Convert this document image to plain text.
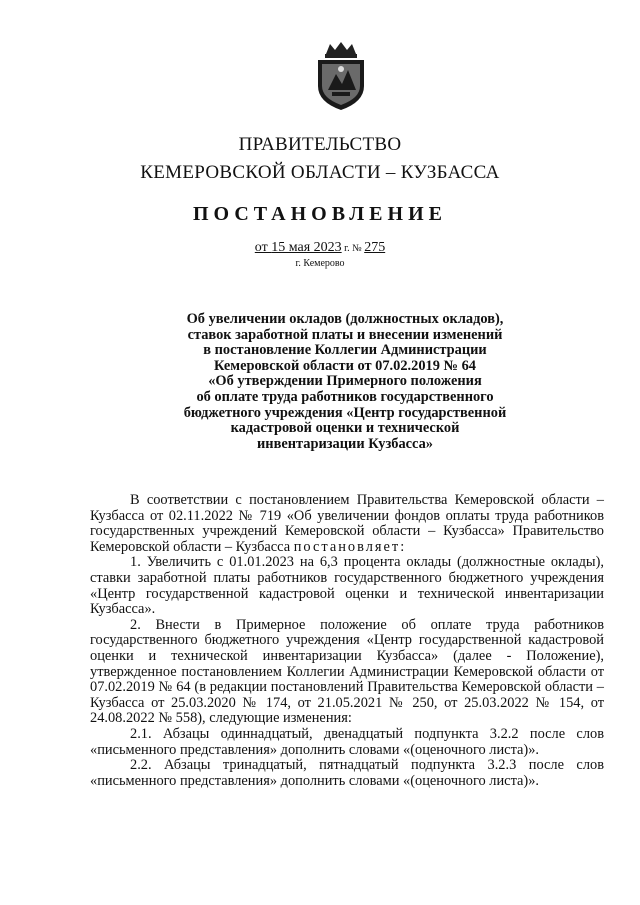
ПРАВИТЕЛЬСТВО
КЕМЕРОВСКОЙ ОБЛАСТИ – КУЗБАССА
ПОСТАНОВЛЕНИЕ
от 15 мая 2023 г. № 275
г. Кемерово
Об увеличении окладов (должностных окладов),
ставок заработной платы и внесении изменений
в постановление Коллегии Администрации
Кемеровской области от 07.02.2019 № 64
«Об утверждении Примерного положения
об оплате труда работников государственного
бюджетного учреждения «Центр государственной
кадастровой оценки и технической
инвентаризации Кузбасса»

В соответствии с постановлением Правительства Кемеровской области – Кузбасса от 02.11.2022 № 719 «Об увеличении фондов оплаты труда работников государственных учреждений Кемеровской области – Кузбасса» Правительство Кемеровской области – Кузбасса постановляет:

1. Увеличить с 01.01.2023 на 6,3 процента оклады (должностные оклады), ставки заработной платы работников государственного бюджетного учреждения «Центр государственной кадастровой оценки и технической инвентаризации Кузбасса».

2. Внести в Примерное положение об оплате труда работников государственного бюджетного учреждения «Центр государственной кадастровой оценки и технической инвентаризации Кузбасса» (далее - Положение), утвержденное постановлением Коллегии Администрации Кемеровской области от 07.02.2019 № 64 (в редакции постановлений Правительства Кемеровской области – Кузбасса от 25.03.2020 № 174, от 21.05.2021 № 250, от 25.03.2022 № 154, от 24.08.2022 № 558), следующие изменения:

2.1. Абзацы одиннадцатый, двенадцатый подпункта 3.2.2 после слов «письменного представления» дополнить словами «(оценочного листа)».

2.2. Абзацы тринадцатый, пятнадцатый подпункта 3.2.3 после слов «письменного представления» дополнить словами «(оценочного листа)».
